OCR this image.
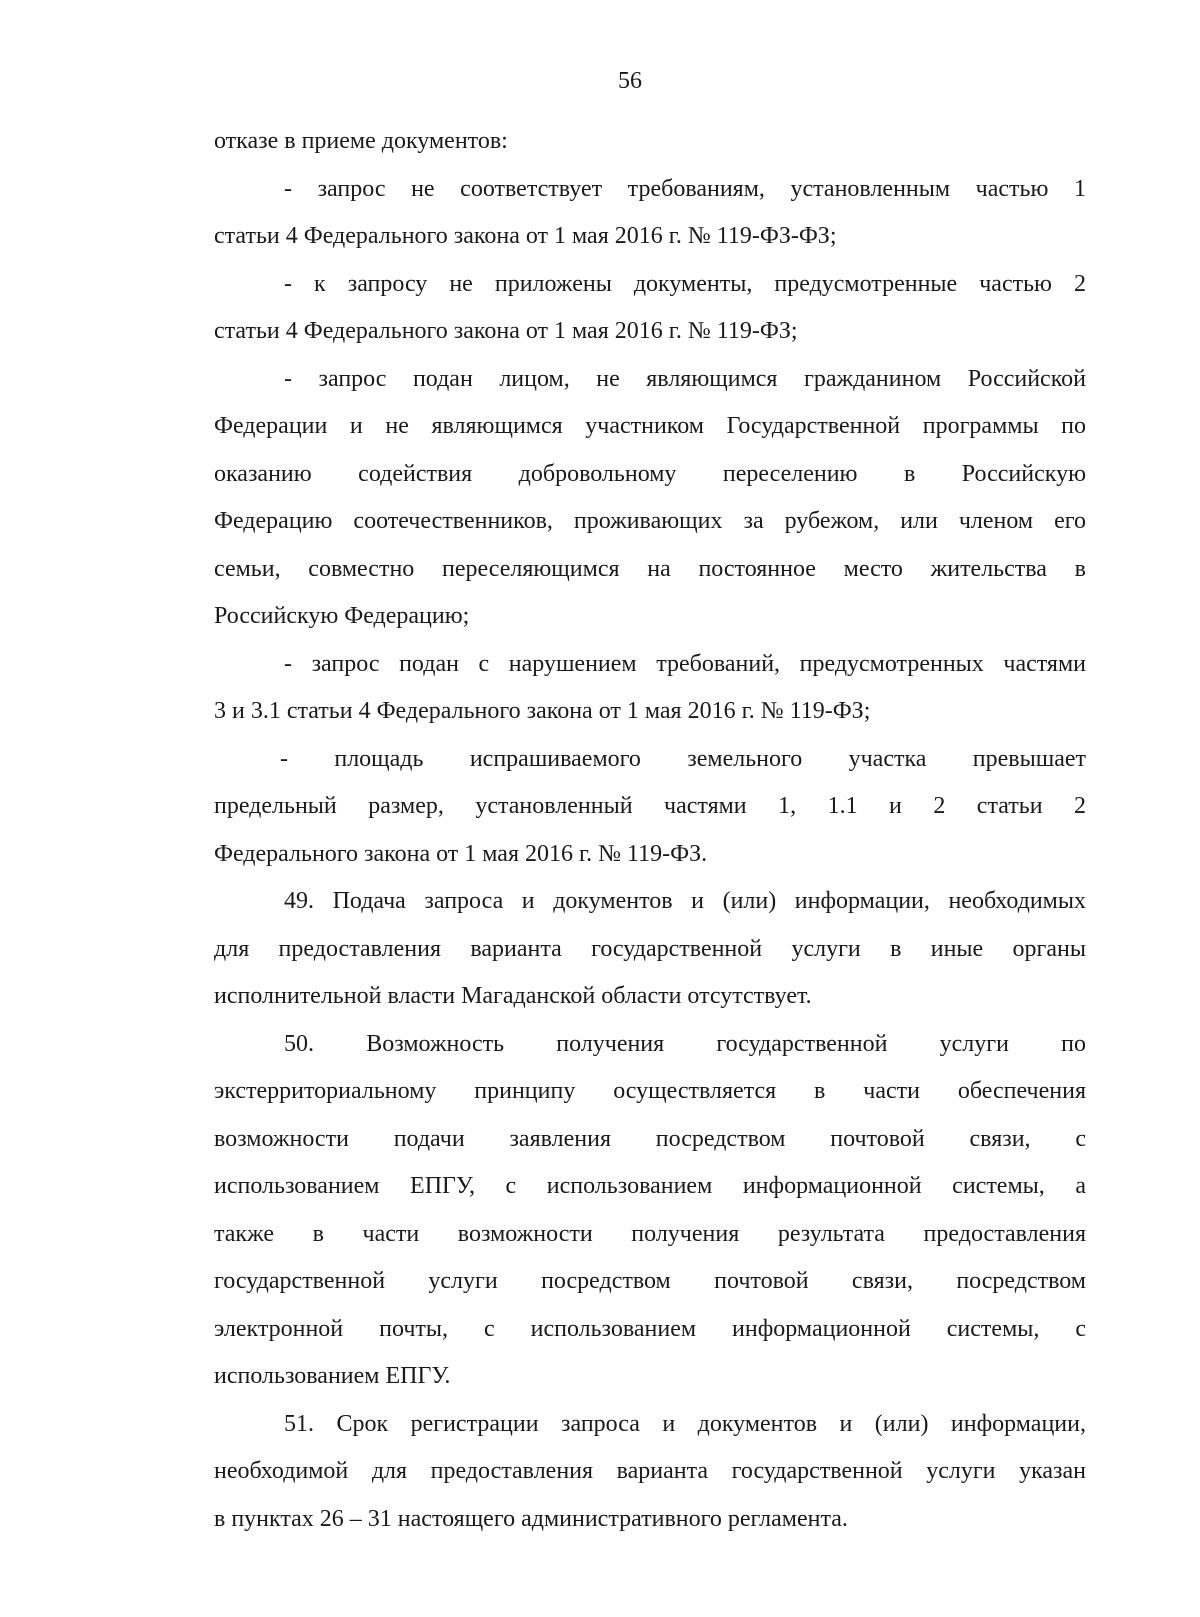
56
отказе в приеме документов:
- запрос не соответствует требованиям, установленным частью 1
статьи 4 Федерального закона от 1 мая 2016 г. № 119-ФЗ-ФЗ;
- к запросу не приложены документы, предусмотренные частью 2
статьи 4 Федерального закона от 1 мая 2016 г. № 119-ФЗ;
- запрос подан лицом, не являющимся гражданином Российской
Федерации и не являющимся участником Государственной программы по
оказанию содействия добровольному переселению в Российскую
Федерацию соотечественников, проживающих за рубежом, или членом его
семьи, совместно переселяющимся на постоянное место жительства в
Российскую Федерацию;
- запрос подан с нарушением требований, предусмотренных частями
3 и 3.1 статьи 4 Федерального закона от 1 мая 2016 г. № 119-ФЗ;
- площадь испрашиваемого земельного участка превышает
предельный размер, установленный частями 1, 1.1 и 2 статьи 2
Федерального закона от 1 мая 2016 г. № 119-ФЗ.
49. Подача запроса и документов и (или) информации, необходимых
для предоставления варианта государственной услуги в иные органы
исполнительной власти Магаданской области отсутствует.
50. Возможность получения государственной услуги по
экстерриториальному принципу осуществляется в части обеспечения
возможности подачи заявления посредством почтовой связи, с
использованием ЕПГУ, с использованием информационной системы, а
также в части возможности получения результата предоставления
государственной услуги посредством почтовой связи, посредством
электронной почты, с использованием информационной системы, с
использованием ЕПГУ.
51. Срок регистрации запроса и документов и (или) информации,
необходимой для предоставления варианта государственной услуги указан
в пунктах 26 – 31 настоящего административного регламента.
